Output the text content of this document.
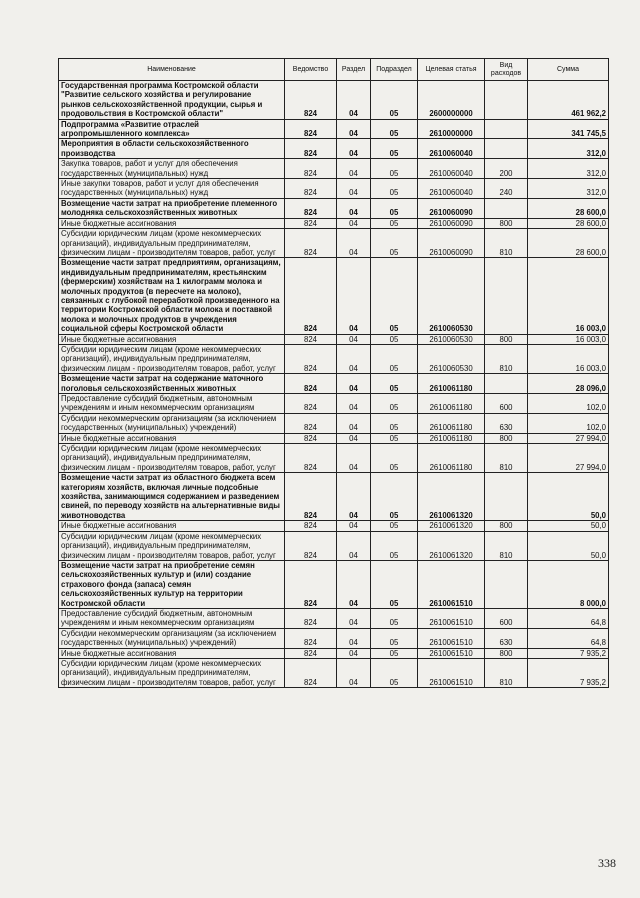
Наименование	Ведомство	Раздел	Подраздел	Целевая статья	Вид расходов	Сумма
Государственная программа Костромской области "Развитие сельского хозяйства и регулирование рынков сельскохозяйственной продукции, сырья и продовольствия в Костромской области"	824	04	05	2600000000		461 962,2
Подпрограмма «Развитие отраслей агропромышленного комплекса»	824	04	05	2610000000		341 745,5
Мероприятия в области сельскохозяйственного производства	824	04	05	2610060040		312,0
Закупка товаров, работ и услуг для обеспечения государственных (муниципальных) нужд	824	04	05	2610060040	200	312,0
Иные закупки товаров, работ и услуг для обеспечения государственных (муниципальных) нужд	824	04	05	2610060040	240	312,0
Возмещение части затрат на приобретение племенного молодняка сельскохозяйственных животных	824	04	05	2610060090		28 600,0
Иные бюджетные ассигнования	824	04	05	2610060090	800	28 600,0
Субсидии юридическим лицам (кроме некоммерческих организаций), индивидуальным предпринимателям, физическим лицам - производителям товаров, работ, услуг	824	04	05	2610060090	810	28 600,0
Возмещение части затрат предприятиям, организациям, индивидуальным предпринимателям, крестьянским (фермерским) хозяйствам на 1 килограмм молока и молочных продуктов (в пересчете на молоко), связанных с глубокой переработкой произведенного на территории Костромской области молока и поставкой молока и молочных продуктов в учреждения социальной сферы Костромской области	824	04	05	2610060530		16 003,0
Иные бюджетные ассигнования	824	04	05	2610060530	800	16 003,0
Субсидии юридическим лицам (кроме некоммерческих организаций), индивидуальным предпринимателям, физическим лицам - производителям товаров, работ, услуг	824	04	05	2610060530	810	16 003,0
Возмещение части затрат на содержание маточного поголовья сельскохозяйственных животных	824	04	05	2610061180		28 096,0
Предоставление субсидий бюджетным, автономным учреждениям и иным некоммерческим организациям	824	04	05	2610061180	600	102,0
Субсидии некоммерческим организациям (за исключением государственных (муниципальных) учреждений)	824	04	05	2610061180	630	102,0
Иные бюджетные ассигнования	824	04	05	2610061180	800	27 994,0
Субсидии юридическим лицам (кроме некоммерческих организаций), индивидуальным предпринимателям, физическим лицам - производителям товаров, работ, услуг	824	04	05	2610061180	810	27 994,0
Возмещение части затрат из областного бюджета всем категориям хозяйств, включая личные подсобные хозяйства, занимающимся содержанием и разведением свиней, по переводу хозяйств на альтернативные виды животноводства	824	04	05	2610061320		50,0
Иные бюджетные ассигнования	824	04	05	2610061320	800	50,0
Субсидии юридическим лицам (кроме некоммерческих организаций), индивидуальным предпринимателям, физическим лицам - производителям товаров, работ, услуг	824	04	05	2610061320	810	50,0
Возмещение части затрат на приобретение семян сельскохозяйственных культур и (или) создание страхового фонда (запаса) семян сельскохозяйственных культур на территории Костромской области	824	04	05	2610061510		8 000,0
Предоставление субсидий бюджетным, автономным учреждениям и иным некоммерческим организациям	824	04	05	2610061510	600	64,8
Субсидии некоммерческим организациям (за исключением государственных (муниципальных) учреждений)	824	04	05	2610061510	630	64,8
Иные бюджетные ассигнования	824	04	05	2610061510	800	7 935,2
Субсидии юридическим лицам (кроме некоммерческих организаций), индивидуальным предпринимателям, физическим лицам - производителям товаров, работ, услуг	824	04	05	2610061510	810	7 935,2
338
